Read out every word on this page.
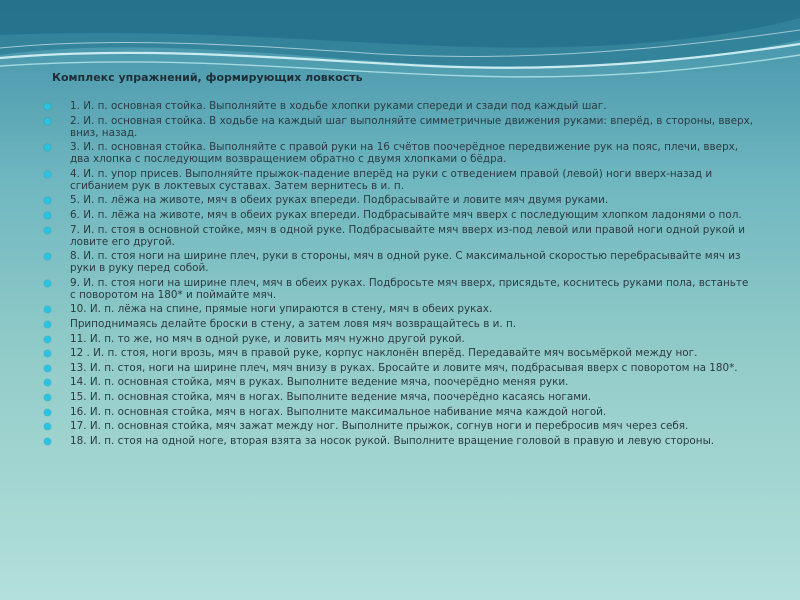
Комплекс упражнений, формирующих ловкость
1. И. п. основная стойка. Выполняйте в ходьбе хлопки руками спереди и сзади под каждый шаг.
2. И. п. основная стойка. В ходьбе на каждый шаг выполняйте симметричные движения руками: вперёд, в стороны, вверх, вниз, назад.
3. И. п. основная стойка. Выполняйте с правой руки на 16 счётов поочерёдное передвижение рук на пояс, плечи, вверх, два хлопка с последующим возвращением обратно с двумя хлопками о бёдра.
4. И. п. упор присев. Выполняйте прыжок-падение вперёд на руки с отведением правой (левой) ноги вверх-назад и сгибанием рук в локтевых суставах. Затем вернитесь в и. п.
5. И. п. лёжа на животе, мяч в обеих руках впереди. Подбрасывайте и ловите мяч двумя руками.
6. И. п. лёжа на животе, мяч в обеих руках впереди. Подбрасывайте мяч вверх с последующим хлопком ладонями о пол.
7. И. п. стоя в основной стойке, мяч в одной руке. Подбрасывайте мяч вверх из-под левой или правой ноги одной рукой и ловите его другой.
8. И. п. стоя ноги на ширине плеч, руки в стороны, мяч в одной руке. С максимальной скоростью перебрасывайте мяч из руки в руку перед собой.
9. И. п. стоя ноги на ширине плеч, мяч в обеих руках. Подбросьте мяч вверх, присядьте, коснитесь руками пола, встаньте с поворотом на 180* и поймайте мяч.
10. И. п. лёжа на спине, прямые ноги упираются в стену, мяч в обеих руках.
Приподнимаясь делайте броски в стену, а затем ловя мяч возвращайтесь в и. п.
11. И. п. то же, но мяч в одной руке, и ловить мяч нужно другой рукой.
12 . И. п. стоя, ноги врозь, мяч в правой руке, корпус наклонён вперёд. Передавайте мяч восьмёркой между ног.
13. И. п. стоя, ноги на ширине плеч, мяч внизу в руках. Бросайте и ловите мяч, подбрасывая вверх с поворотом на 180*.
14. И. п. основная стойка, мяч в руках. Выполните ведение мяча, поочерёдно меняя руки.
15. И. п. основная стойка, мяч в ногах. Выполните ведение мяча, поочерёдно касаясь ногами.
16. И. п. основная стойка, мяч в ногах. Выполните максимальное набивание мяча каждой ногой.
17. И. п. основная стойка, мяч зажат между ног. Выполните прыжок, согнув ноги и перебросив мяч через себя.
18. И. п. стоя на одной ноге, вторая взята за носок рукой. Выполните вращение головой в правую и левую стороны.
